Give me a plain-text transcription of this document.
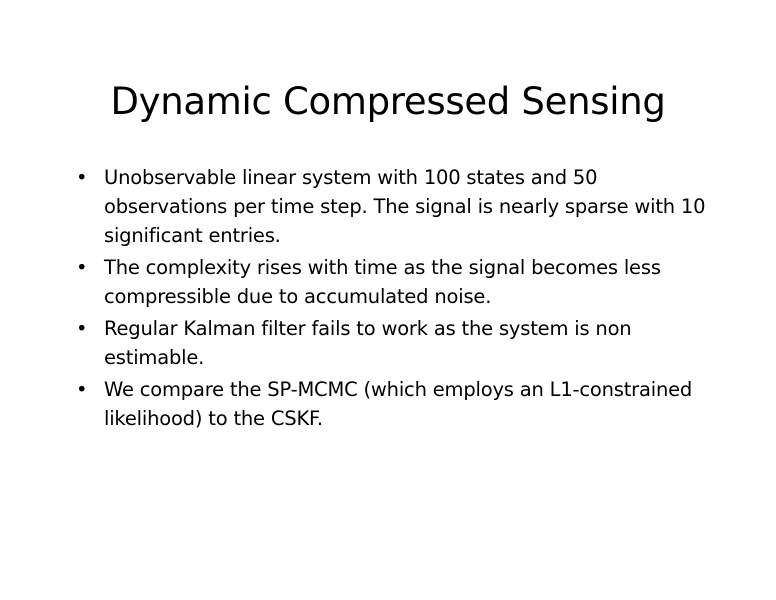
Dynamic Compressed Sensing
• Unobservable linear system with 100 states and 50 observations per time step. The signal is nearly sparse with 10 significant entries.
• The complexity rises with time as the signal becomes less compressible due to accumulated noise.
• Regular Kalman filter fails to work as the system is non estimable.
• We compare the SP-MCMC (which employs an L1-constrained likelihood) to the CSKF.
